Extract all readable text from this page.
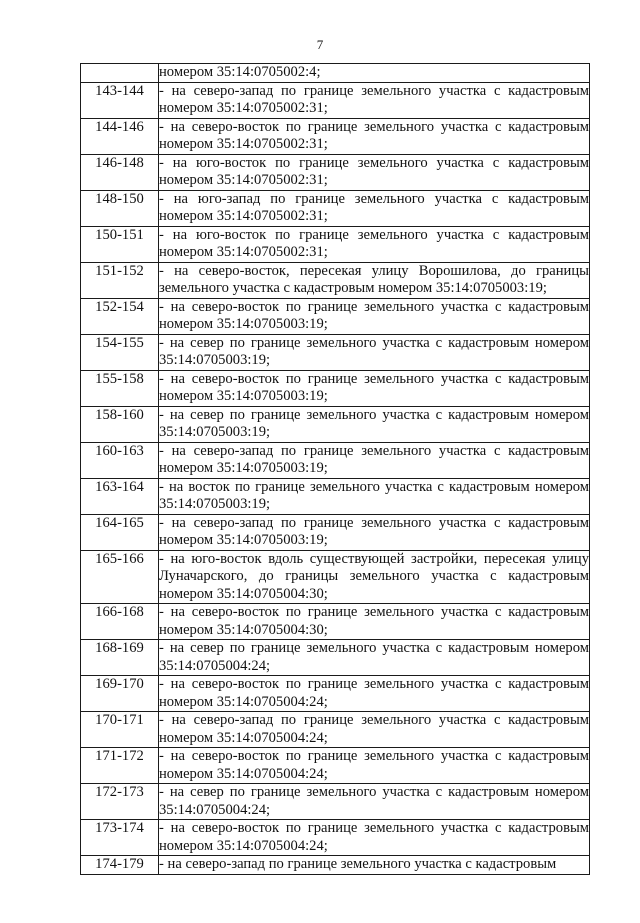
7

	номером 35:14:0705002:4;

143-144	- на северо-запад по границе земельного участка с кадастровым номером 35:14:0705002:31;

144-146	- на северо-восток по границе земельного участка с кадастровым номером 35:14:0705002:31;

146-148	- на юго-восток по границе земельного участка с кадастровым номером 35:14:0705002:31;

148-150	- на юго-запад по границе земельного участка с кадастровым номером 35:14:0705002:31;

150-151	- на юго-восток по границе земельного участка с кадастровым номером 35:14:0705002:31;

151-152	- на северо-восток, пересекая улицу Ворошилова, до границы земельного участка с кадастровым номером 35:14:0705003:19;

152-154	- на северо-восток по границе земельного участка с кадастровым номером 35:14:0705003:19;

154-155	- на север по границе земельного участка с кадастровым номером 35:14:0705003:19;

155-158	- на северо-восток по границе земельного участка с кадастровым номером 35:14:0705003:19;

158-160	- на север по границе земельного участка с кадастровым номером 35:14:0705003:19;

160-163	- на северо-запад по границе земельного участка с кадастровым номером 35:14:0705003:19;

163-164	- на восток по границе земельного участка с кадастровым номером 35:14:0705003:19;

164-165	- на северо-запад по границе земельного участка с кадастровым номером 35:14:0705003:19;

165-166	- на юго-восток вдоль существующей застройки, пересекая улицу Луначарского, до границы земельного участка с кадастровым номером 35:14:0705004:30;

166-168	- на северо-восток по границе земельного участка с кадастровым номером 35:14:0705004:30;

168-169	- на север по границе земельного участка с кадастровым номером 35:14:0705004:24;

169-170	- на северо-восток по границе земельного участка с кадастровым номером 35:14:0705004:24;

170-171	- на северо-запад по границе земельного участка с кадастровым номером 35:14:0705004:24;

171-172	- на северо-восток по границе земельного участка с кадастровым номером 35:14:0705004:24;

172-173	- на север по границе земельного участка с кадастровым номером 35:14:0705004:24;

173-174	- на северо-восток по границе земельного участка с кадастровым номером 35:14:0705004:24;

174-179	- на северо-запад по границе земельного участка с кадастровым
